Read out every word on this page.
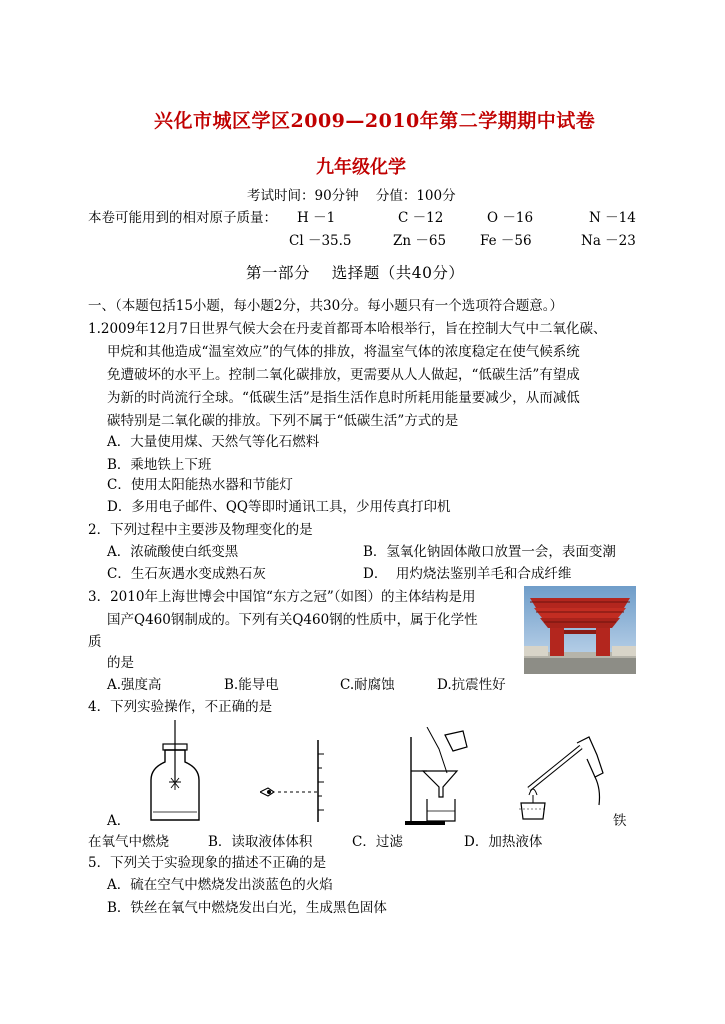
兴化市城区学区2009—2010年第二学期期中试卷
九年级化学
考试时间：90分钟    分值：100分
本卷可能用到的相对原子质量： H －1	C －12	O －16	N －14
Cl －35.5	Zn －65	Fe －56	Na －23
第一部分    选择题（共40分）
一、（本题包括15小题，每小题2分，共30分。每小题只有一个选项符合题意。）
1.2009年12月7日世界气候大会在丹麦首都哥本哈根举行，旨在控制大气中二氧化碳、
甲烷和其他造成“温室效应”的气体的排放，将温室气体的浓度稳定在使气候系统
免遭破坏的水平上。控制二氧化碳排放，更需要从人人做起，“低碳生活”有望成
为新的时尚流行全球。“低碳生活”是指生活作息时所耗用能量要减少，从而减低
碳特别是二氧化碳的排放。下列不属于“低碳生活”方式的是
A．大量使用煤、天然气等化石燃料
B．乘地铁上下班
C．使用太阳能热水器和节能灯
D．多用电子邮件、QQ等即时通讯工具，少用传真打印机
2．下列过程中主要涉及物理变化的是
A．浓硫酸使白纸变黑	B．氢氧化钠固体敞口放置一会，表面变潮
C．生石灰遇水变成熟石灰	D．  用灼烧法鉴别羊毛和合成纤维
3．2010年上海世博会中国馆“东方之冠”（如图）的主体结构是用
国产Q460钢制成的。下列有关Q460钢的性质中，属于化学性
质
的是
A.强度高	B.能导电	C.耐腐蚀	D.抗震性好
4．下列实验操作，不正确的是
A．	铁
在氧气中燃烧	B．读取液体体积	C．过滤	D．加热液体
5．下列关于实验现象的描述不正确的是
A．硫在空气中燃烧发出淡蓝色的火焰
B．铁丝在氧气中燃烧发出白光，生成黑色固体
